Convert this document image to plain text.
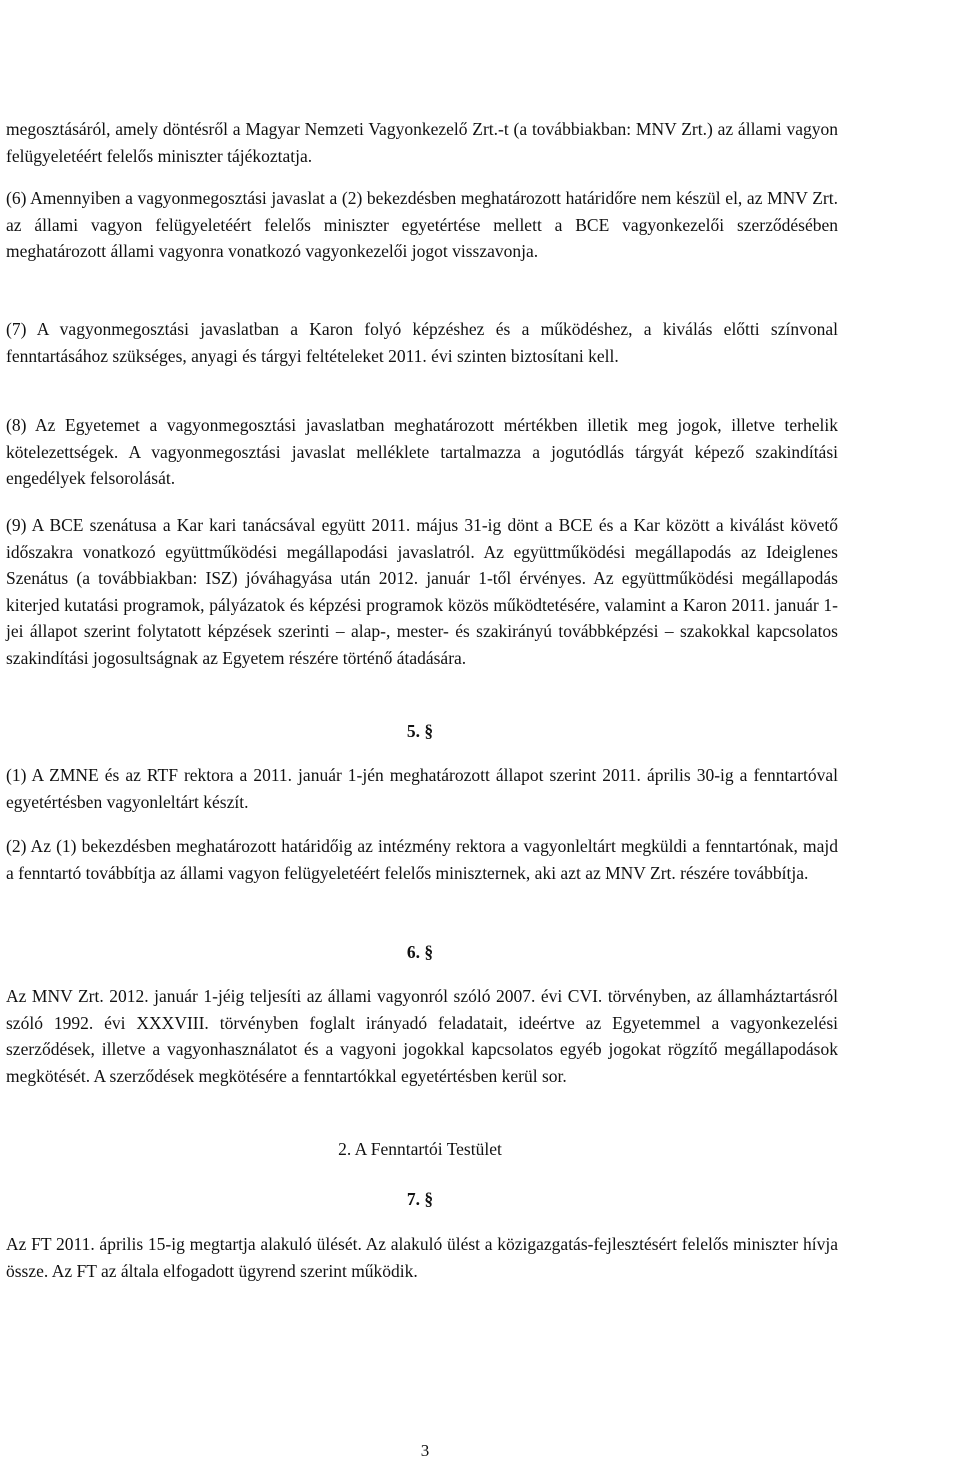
megosztásáról, amely döntésről a Magyar Nemzeti Vagyonkezelő Zrt.-t (a továbbiakban: MNV Zrt.) az állami vagyon felügyeletéért felelős miniszter tájékoztatja.

(6) Amennyiben a vagyonmegosztási javaslat a (2) bekezdésben meghatározott határidőre nem készül el, az MNV Zrt. az állami vagyon felügyeletéért felelős miniszter egyetértése mellett a BCE vagyonkezelői szerződésében meghatározott állami vagyonra vonatkozó vagyonkezelői jogot visszavonja.

(7) A vagyonmegosztási javaslatban a Karon folyó képzéshez és a működéshez, a kiválás előtti színvonal fenntartásához szükséges, anyagi és tárgyi feltételeket 2011. évi szinten biztosítani kell.

(8) Az Egyetemet a vagyonmegosztási javaslatban meghatározott mértékben illetik meg jogok, illetve terhelik kötelezettségek. A vagyonmegosztási javaslat melléklete tartalmazza a jogutódlás tárgyát képező szakindítási engedélyek felsorolását.

(9) A BCE szenátusa a Kar kari tanácsával együtt 2011. május 31-ig dönt a BCE és a Kar között a kiválást követő időszakra vonatkozó együttműködési megállapodási javaslatról. Az együttműködési megállapodás az Ideiglenes Szenátus (a továbbiakban: ISZ) jóváhagyása után 2012. január 1-től érvényes. Az együttműködési megállapodás kiterjed kutatási programok, pályázatok és képzési programok közös működtetésére, valamint a Karon 2011. január 1-jei állapot szerint folytatott képzések szerinti – alap-, mester- és szakirányú továbbképzési – szakokkal kapcsolatos szakindítási jogosultságnak az Egyetem részére történő átadására.

5. §

(1) A ZMNE és az RTF rektora a 2011. január 1-jén meghatározott állapot szerint 2011. április 30-ig a fenntartóval egyetértésben vagyonleltárt készít.

(2) Az (1) bekezdésben meghatározott határidőig az intézmény rektora a vagyonleltárt megküldi a fenntartónak, majd a fenntartó továbbítja az állami vagyon felügyeletéért felelős miniszternek, aki azt az MNV Zrt. részére továbbítja.

6. §

Az MNV Zrt. 2012. január 1-jéig teljesíti az állami vagyonról szóló 2007. évi CVI. törvényben, az államháztartásról szóló 1992. évi XXXVIII. törvényben foglalt irányadó feladatait, ideértve az Egyetemmel a vagyonkezelési szerződések, illetve a vagyonhasználatot és a vagyoni jogokkal kapcsolatos egyéb jogokat rögzítő megállapodások megkötését. A szerződések megkötésére a fenntartókkal egyetértésben kerül sor.

2. A Fenntartói Testület
7. §

Az FT 2011. április 15-ig megtartja alakuló ülését. Az alakuló ülést a közigazgatás-fejlesztésért felelős miniszter hívja össze. Az FT az általa elfogadott ügyrend szerint működik.

3
